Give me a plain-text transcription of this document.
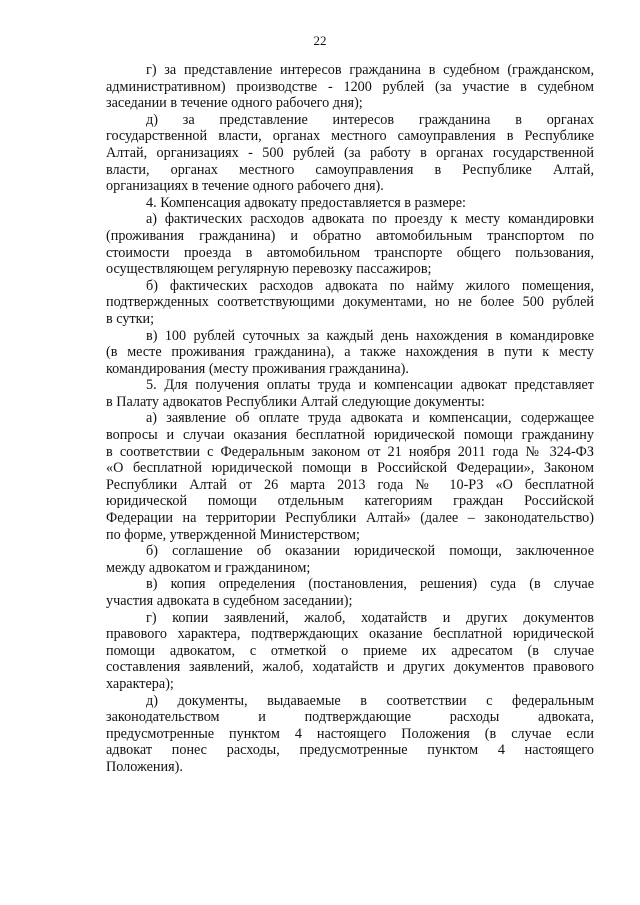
22
г) за представление интересов гражданина в судебном (гражданском,
административном) производстве - 1200 рублей (за участие в судебном
заседании в течение одного рабочего дня);
д) за представление интересов гражданина в органах
государственной власти, органах местного самоуправления в Республике
Алтай, организациях - 500 рублей (за работу в органах государственной
власти, органах местного самоуправления в Республике Алтай,
организациях в течение одного рабочего дня).
4. Компенсация адвокату предоставляется в размере:
а) фактических расходов адвоката по проезду к месту командировки
(проживания гражданина) и обратно автомобильным транспортом по
стоимости проезда в автомобильном транспорте общего пользования,
осуществляющем регулярную перевозку пассажиров;
б) фактических расходов адвоката по найму жилого помещения,
подтвержденных соответствующими документами, но не более 500 рублей
в сутки;
в) 100 рублей суточных за каждый день нахождения в командировке
(в месте проживания гражданина), а также нахождения в пути к месту
командирования (месту проживания гражданина).
5. Для получения оплаты труда и компенсации адвокат представляет
в Палату адвокатов Республики Алтай следующие документы:
а) заявление об оплате труда адвоката и компенсации, содержащее
вопросы и случаи оказания бесплатной юридической помощи гражданину
в соответствии с Федеральным законом от 21 ноября 2011 года № 324-ФЗ
«О бесплатной юридической помощи в Российской Федерации», Законом
Республики Алтай от 26 марта 2013 года № 10-РЗ «О бесплатной
юридической помощи отдельным категориям граждан Российской
Федерации на территории Республики Алтай» (далее – законодательство)
по форме, утвержденной Министерством;
б) соглашение об оказании юридической помощи, заключенное
между адвокатом и гражданином;
в) копия определения (постановления, решения) суда (в случае
участия адвоката в судебном заседании);
г) копии заявлений, жалоб, ходатайств и других документов
правового характера, подтверждающих оказание бесплатной юридической
помощи адвокатом, с отметкой о приеме их адресатом (в случае
составления заявлений, жалоб, ходатайств и других документов правового
характера);
д) документы, выдаваемые в соответствии с федеральным
законодательством и подтверждающие расходы адвоката,
предусмотренные пунктом 4 настоящего Положения (в случае если
адвокат понес расходы, предусмотренные пунктом 4 настоящего
Положения).
